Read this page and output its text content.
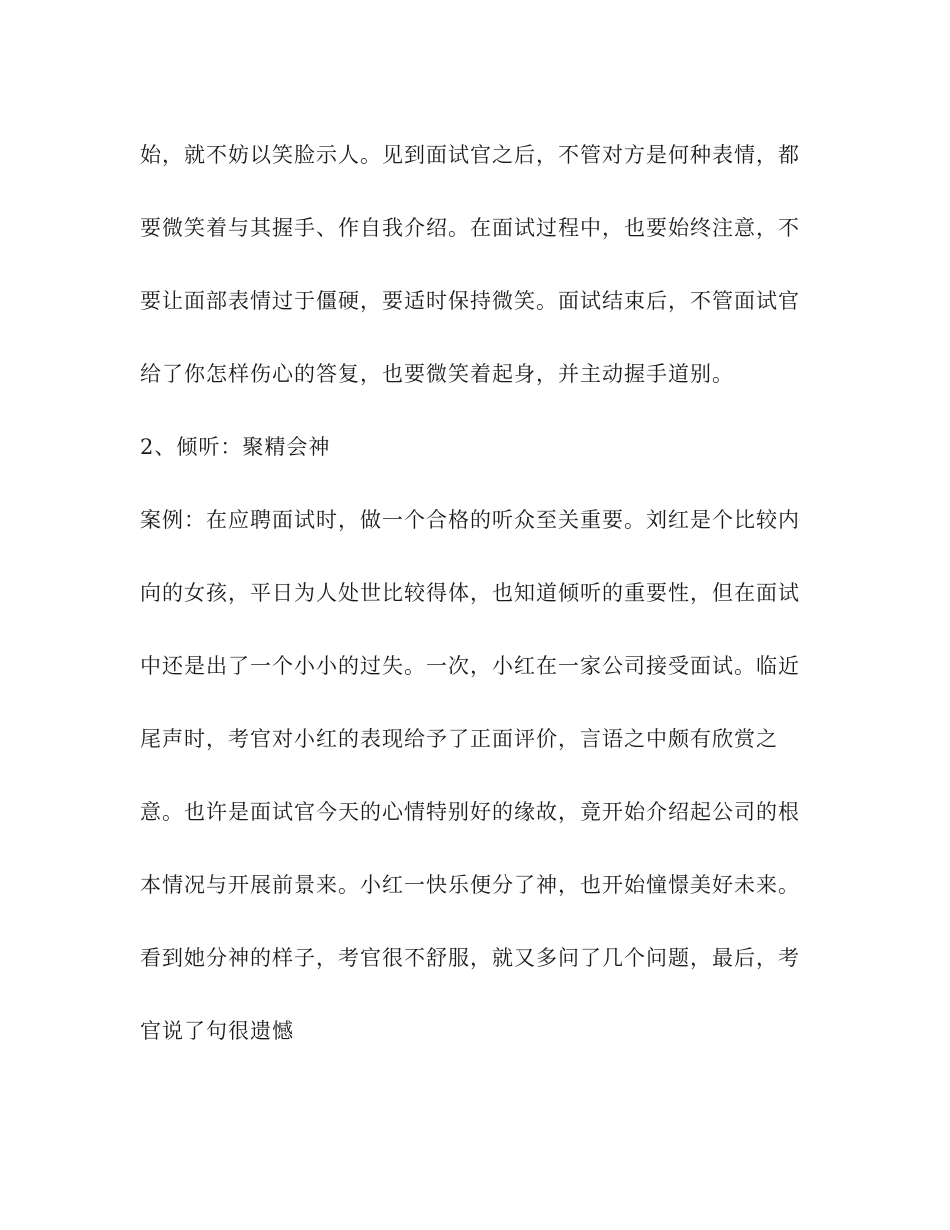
始，就不妨以笑脸示人。见到面试官之后，不管对方是何种表情，都
要微笑着与其握手、作自我介绍。在面试过程中，也要始终注意，不
要让面部表情过于僵硬，要适时保持微笑。面试结束后，不管面试官
给了你怎样伤心的答复，也要微笑着起身，并主动握手道别。
2、倾听：聚精会神
案例：在应聘面试时，做一个合格的听众至关重要。刘红是个比较内
向的女孩，平日为人处世比较得体，也知道倾听的重要性，但在面试
中还是出了一个小小的过失。一次，小红在一家公司接受面试。临近
尾声时，考官对小红的表现给予了正面评价，言语之中颇有欣赏之
意。也许是面试官今天的心情特别好的缘故，竟开始介绍起公司的根
本情况与开展前景来。小红一快乐便分了神，也开始憧憬美好未来。
看到她分神的样子，考官很不舒服，就又多问了几个问题，最后，考
官说了句很遗憾
